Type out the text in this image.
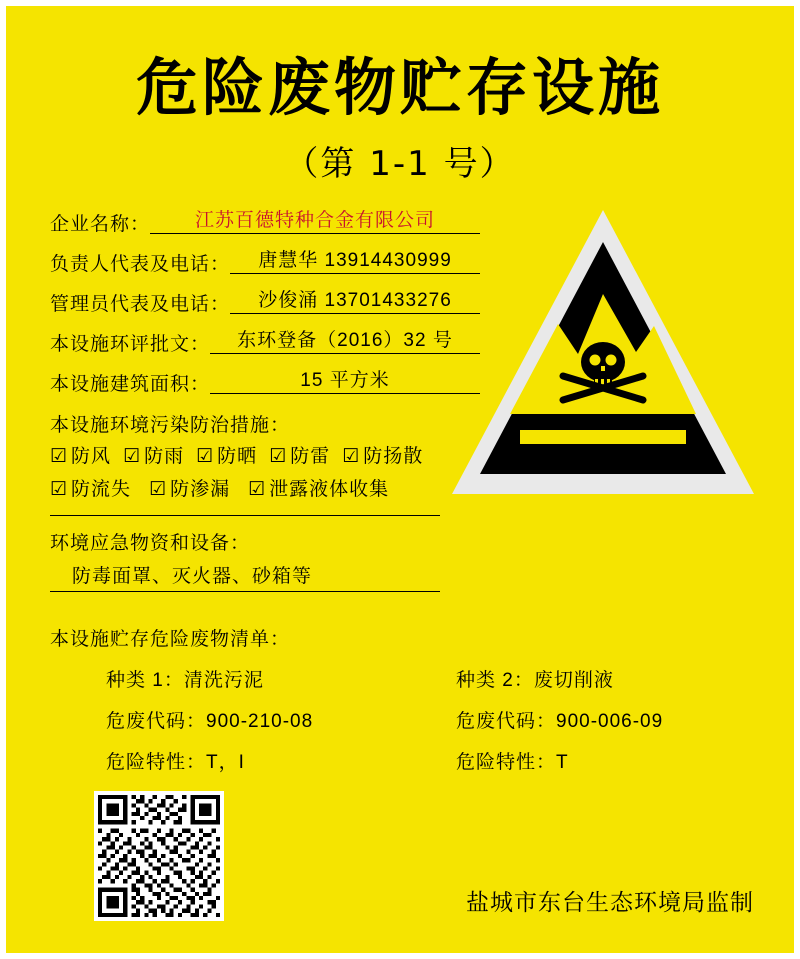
危险废物贮存设施
（第 1-1 号）
企业名称：	江苏百德特种合金有限公司
负责人代表及电话：	唐慧华 13914430999
管理员代表及电话：	沙俊涌 13701433276
本设施环评批文：	东环登备（2016）32 号
本设施建筑面积：	15 平方米
本设施环境污染防治措施：
☑ 防风 ☑ 防雨 ☑ 防晒 ☑ 防雷 ☑ 防扬散
☑ 防流失 ☑ 防渗漏 ☑ 泄露液体收集
环境应急物资和设备：
防毒面罩、灭火器、砂箱等
本设施贮存危险废物清单：
种类 1：清洗污泥
危废代码：900-210-08
危险特性：T，I
种类 2：废切削液
危废代码：900-006-09
危险特性：T
盐城市东台生态环境局监制
